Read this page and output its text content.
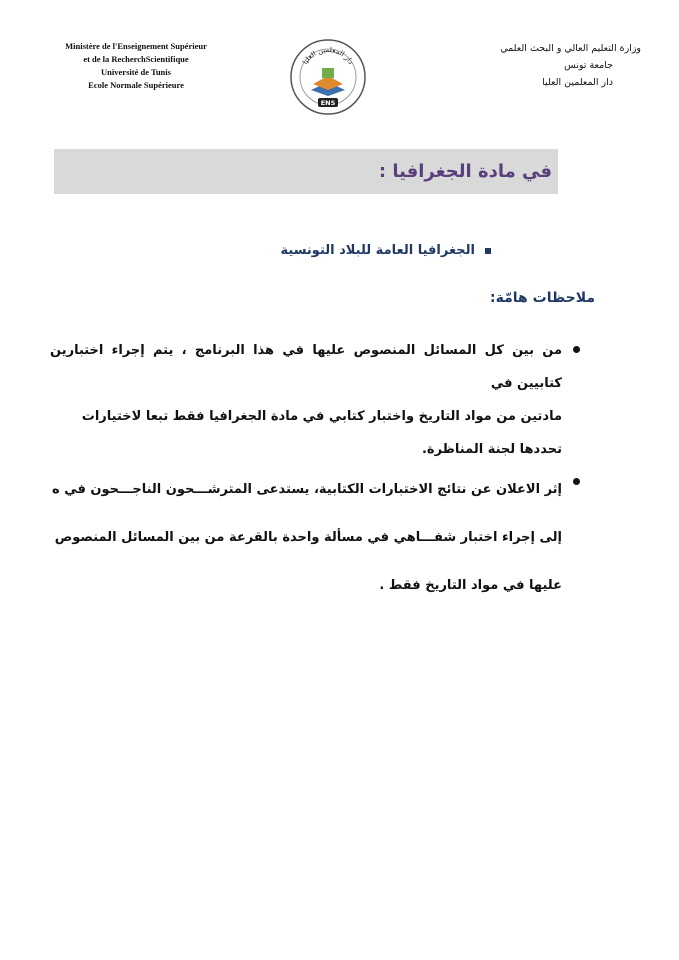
Ministère de l'Enseignement Supérieur
et de la RecherchScientifique
Université de Tunis
Ecole Normale Supérieure
دار المعلمين العليا
ENS
وزارة التعليم العالي و البحث العلمي
جامعة تونس
دار المعلمين العليا
في مادة الجغرافيا :
الجغرافيا العامة للبلاد التونسية
ملاحظات هامّة:

من بين كل المسائل المنصوص عليها في هذا البرنامج ، يتم إجراء اختبارين كتابيين في

مادتين من مواد التاريخ واختبار كتابي في مادة الجغرافيا فقط تبعا لاختيارات

تحددها لجنة المناظرة.

إثر الاعلان عن نتائج الاختبارات الكتابية، يستدعى المترشـــحون الناجـــحون في ه

إلى إجراء اختبار شفـــاهي في مسألة واحدة بالقرعة من بين المسائل المنصوص

عليها في مواد التاريخ فقط .
